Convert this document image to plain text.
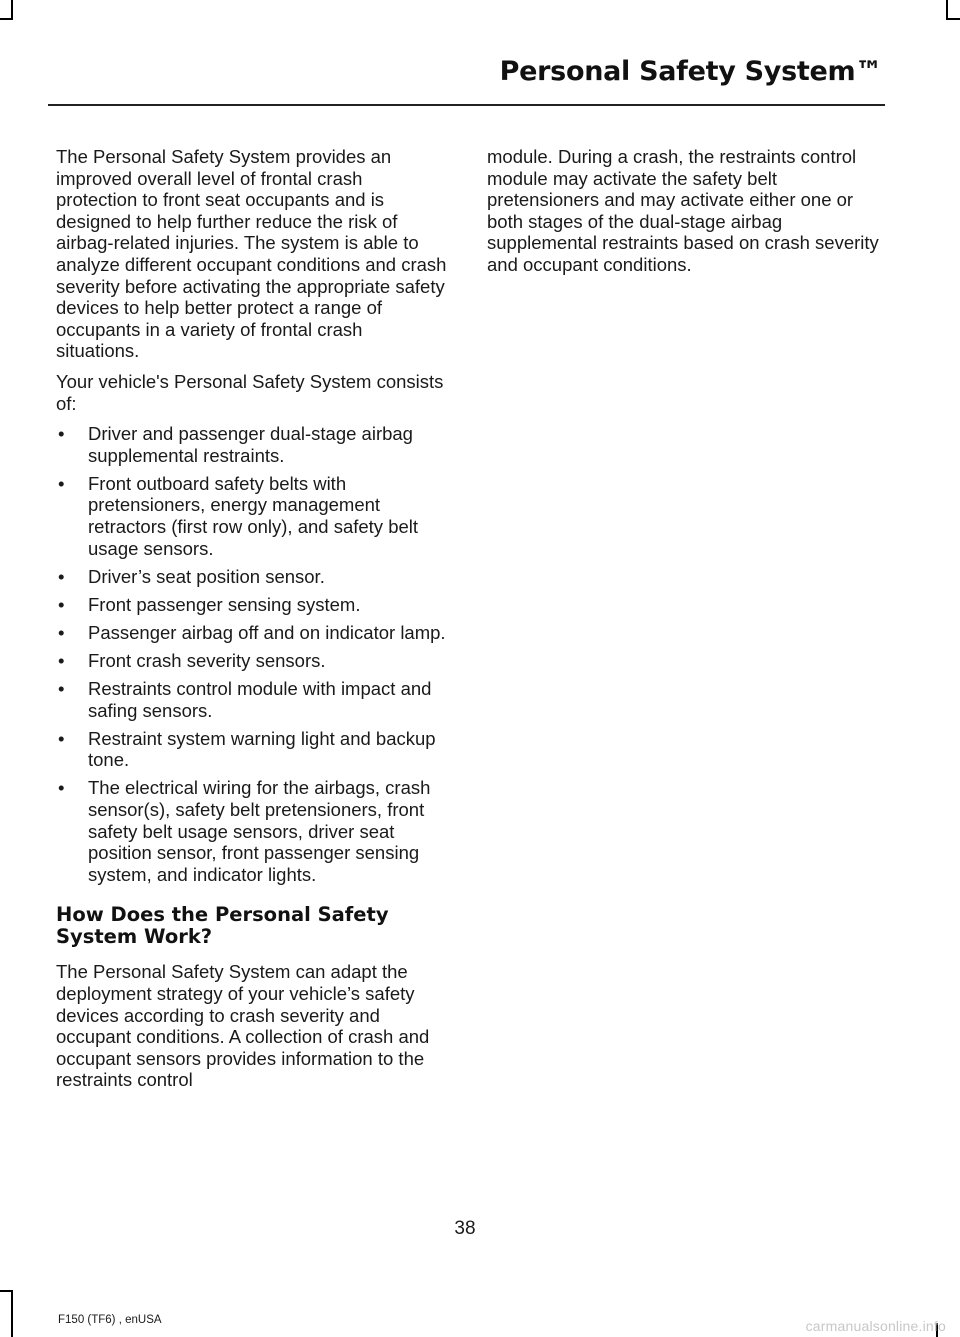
Personal Safety System™

The Personal Safety System provides an improved overall level of frontal crash protection to front seat occupants and is designed to help further reduce the risk of airbag-related injuries. The system is able to analyze different occupant conditions and crash severity before activating the appropriate safety devices to help better protect a range of occupants in a variety of frontal crash situations.

Your vehicle's Personal Safety System consists of:

• Driver and passenger dual-stage airbag supplemental restraints.
• Front outboard safety belts with pretensioners, energy management retractors (first row only), and safety belt usage sensors.
• Driver’s seat position sensor.
• Front passenger sensing system.
• Passenger airbag off and on indicator lamp.
• Front crash severity sensors.
• Restraints control module with impact and safing sensors.
• Restraint system warning light and backup tone.
• The electrical wiring for the airbags, crash sensor(s), safety belt pretensioners, front safety belt usage sensors, driver seat position sensor, front passenger sensing system, and indicator lights.
How Does the Personal Safety System Work?

The Personal Safety System can adapt the deployment strategy of your vehicle’s safety devices according to crash severity and occupant conditions. A collection of crash and occupant sensors provides information to the restraints control

module. During a crash, the restraints control module may activate the safety belt pretensioners and may activate either one or both stages of the dual-stage airbag supplemental restraints based on crash severity and occupant conditions.

38
F150 (TF6) , enUSA	carmanualsonline.info
